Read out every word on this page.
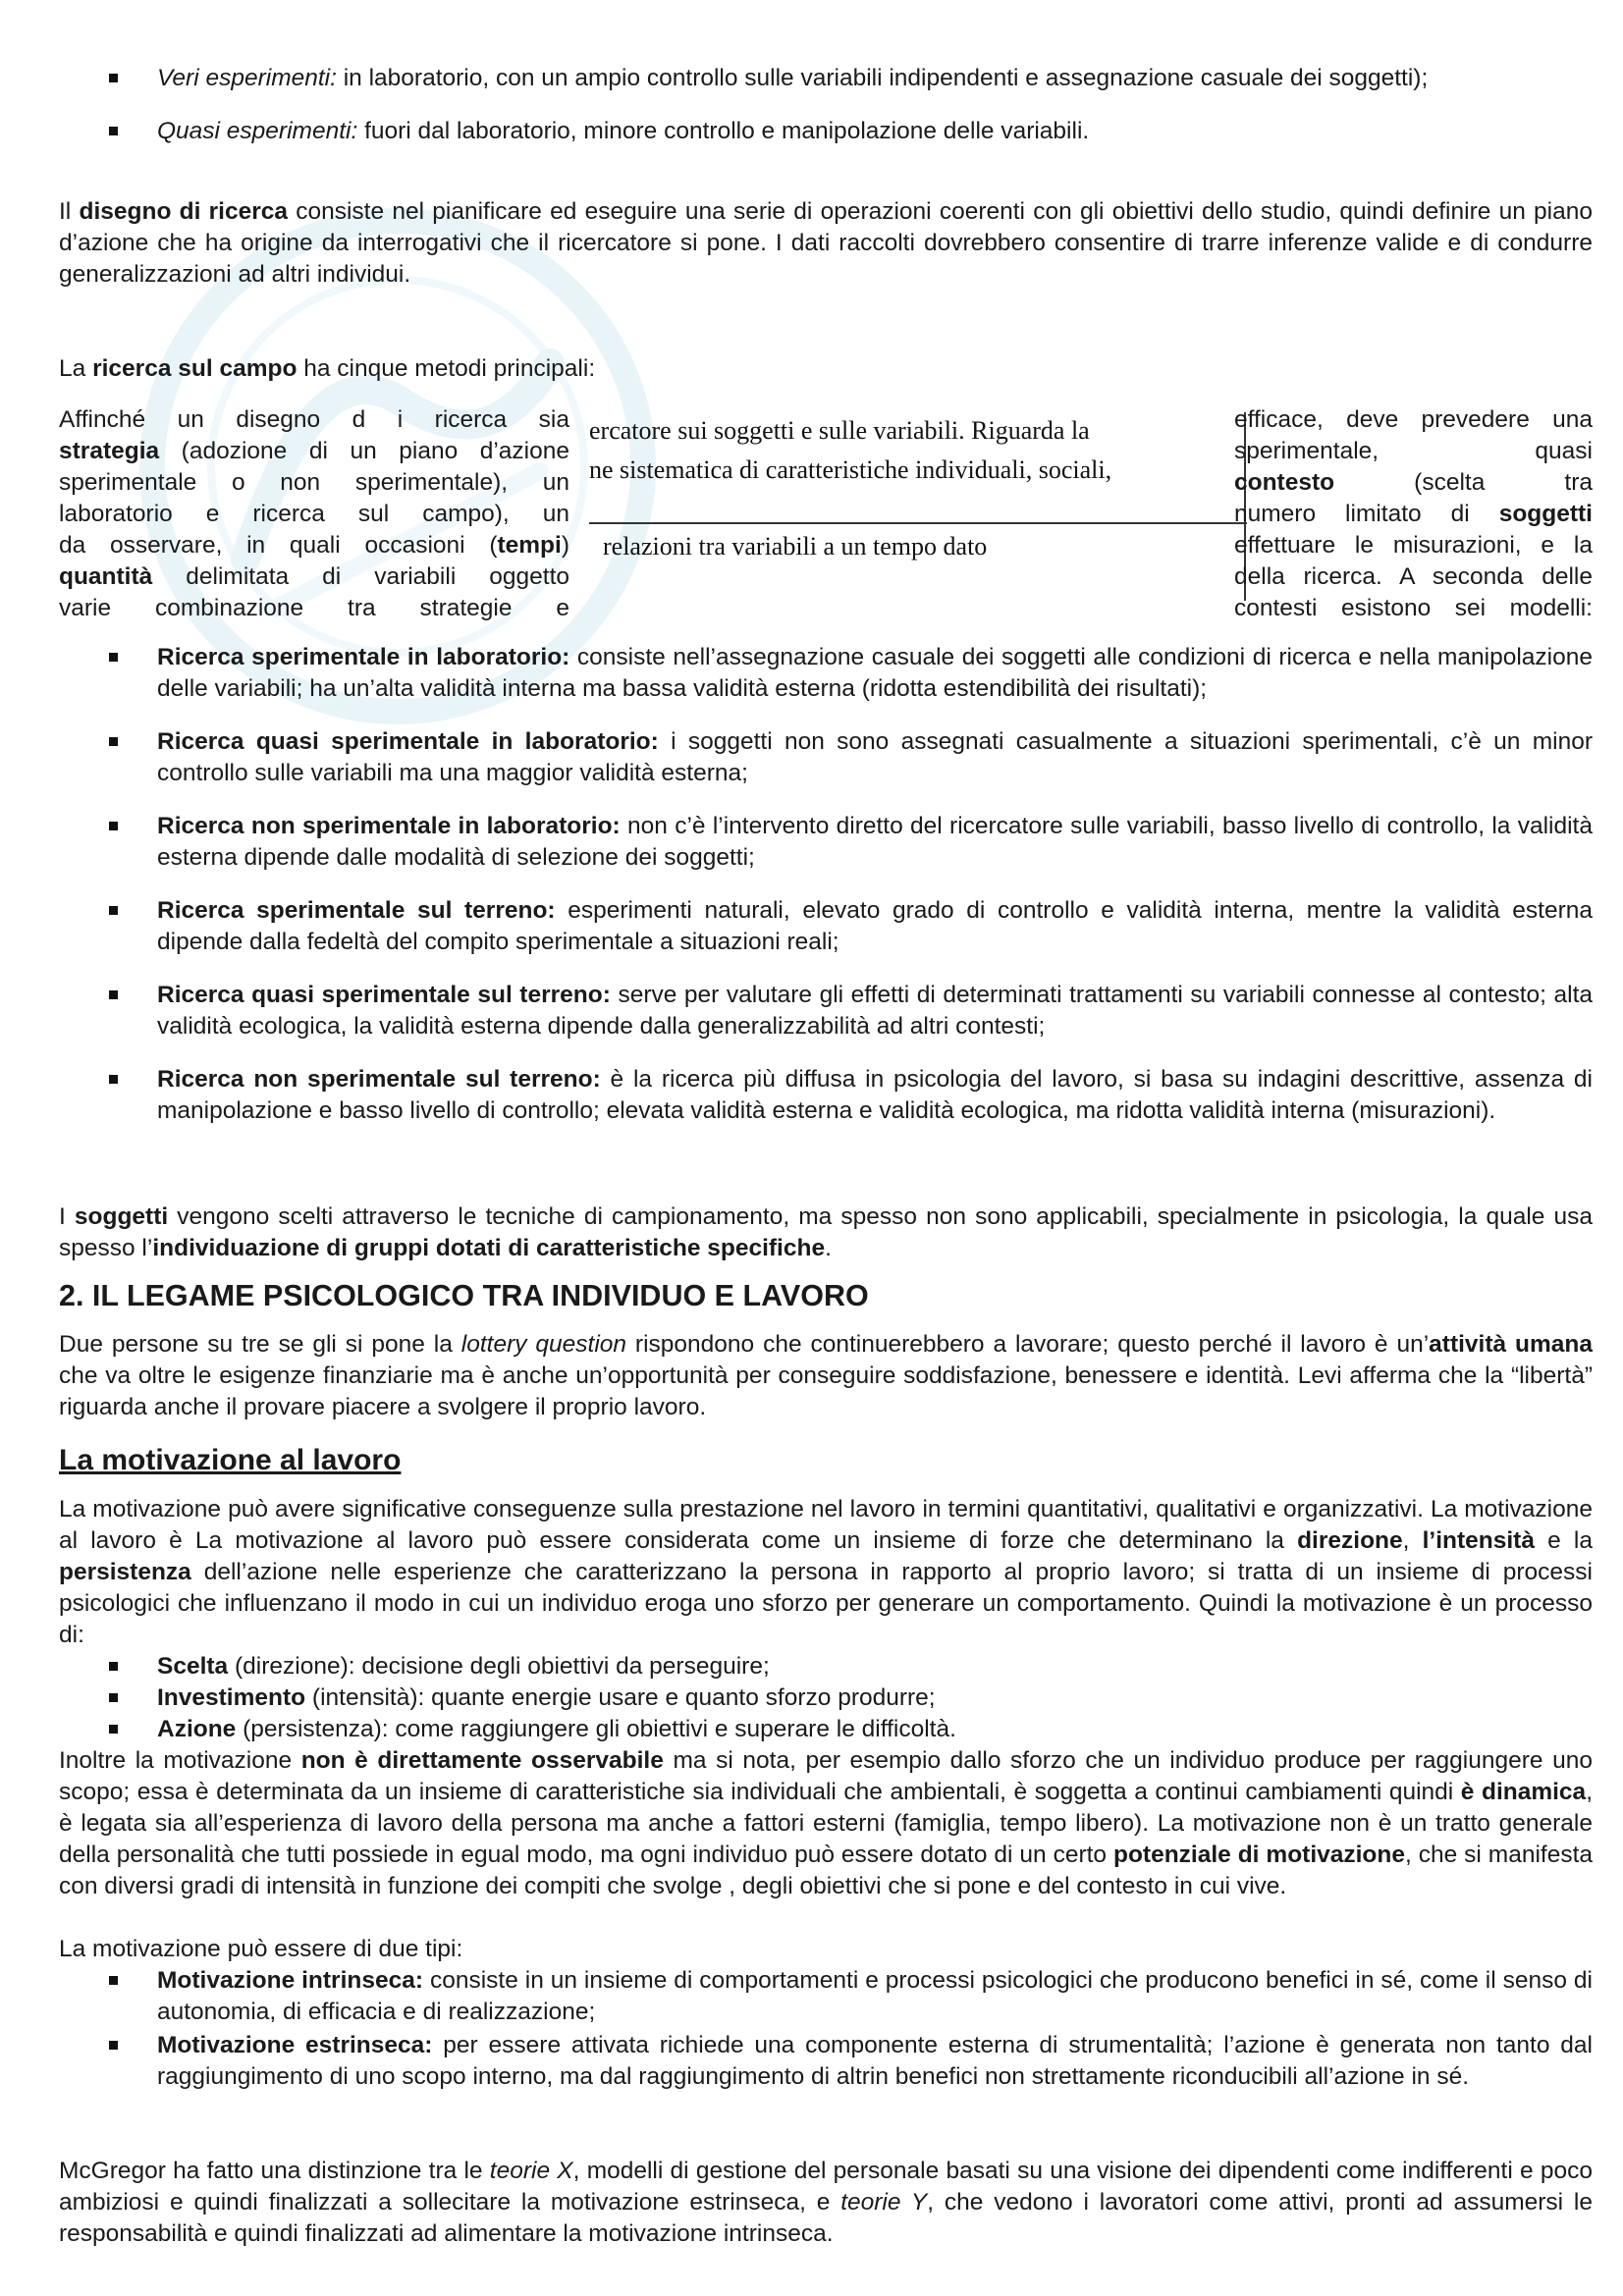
Veri esperimenti: in laboratorio, con un ampio controllo sulle variabili indipendenti e assegnazione casuale dei soggetti);
Quasi esperimenti: fuori dal laboratorio, minore controllo e manipolazione delle variabili.

Il disegno di ricerca consiste nel pianificare ed eseguire una serie di operazioni coerenti con gli obiettivi dello studio, quindi definire un piano d’azione che ha origine da interrogativi che il ricercatore si pone. I dati raccolti dovrebbero consentire di trarre inferenze valide e di condurre generalizzazioni ad altri individui.

La ricerca sul campo ha cinque metodi principali:

Affinché un disegno d i ricerca sia
strategia (adozione di un piano d’azione
sperimentale o non sperimentale), un
laboratorio e ricerca sul campo), un
da osservare, in quali occasioni (tempi)
quantità delimitata di variabili oggetto
varie combinazione tra strategie e
ercatore sui soggetti e sulle variabili. Riguarda la
ne sistematica di caratteristiche individuali, sociali,
relazioni tra variabili a un tempo dato
efficace, deve prevedere una
sperimentale, quasi
contesto (scelta tra
numero limitato di soggetti
effettuare le misurazioni, e la
della ricerca. A seconda delle
contesti esistono sei modelli:
Ricerca sperimentale in laboratorio: consiste nell’assegnazione casuale dei soggetti alle condizioni di ricerca e nella manipolazione delle variabili; ha un’alta validità interna ma bassa validità esterna (ridotta estendibilità dei risultati);
Ricerca quasi sperimentale in laboratorio: i soggetti non sono assegnati casualmente a situazioni sperimentali, c’è un minor controllo sulle variabili ma una maggior validità esterna;
Ricerca non sperimentale in laboratorio: non c’è l’intervento diretto del ricercatore sulle variabili, basso livello di controllo, la validità esterna dipende dalle modalità di selezione dei soggetti;
Ricerca sperimentale sul terreno: esperimenti naturali, elevato grado di controllo e validità interna, mentre la validità esterna dipende dalla fedeltà del compito sperimentale a situazioni reali;
Ricerca quasi sperimentale sul terreno: serve per valutare gli effetti di determinati trattamenti su variabili connesse al contesto; alta validità ecologica, la validità esterna dipende dalla generalizzabilità ad altri contesti;
Ricerca non sperimentale sul terreno: è la ricerca più diffusa in psicologia del lavoro, si basa su indagini descrittive, assenza di manipolazione e basso livello di controllo; elevata validità esterna e validità ecologica, ma ridotta validità interna (misurazioni).

I soggetti vengono scelti attraverso le tecniche di campionamento, ma spesso non sono applicabili, specialmente in psicologia, la quale usa spesso l’individuazione di gruppi dotati di caratteristiche specifiche.

2. IL LEGAME PSICOLOGICO TRA INDIVIDUO E LAVORO

Due persone su tre se gli si pone la lottery question rispondono che continuerebbero a lavorare; questo perché il lavoro è un’attività umana che va oltre le esigenze finanziarie ma è anche un’opportunità per conseguire soddisfazione, benessere e identità. Levi afferma che la “libertà” riguarda anche il provare piacere a svolgere il proprio lavoro.

La motivazione al lavoro

La motivazione può avere significative conseguenze sulla prestazione nel lavoro in termini quantitativi, qualitativi e organizzativi. La motivazione al lavoro è La motivazione al lavoro può essere considerata come un insieme di forze che determinano la direzione, l’intensità e la persistenza dell’azione nelle esperienze che caratterizzano la persona in rapporto al proprio lavoro; si tratta di un insieme di processi psicologici che influenzano il modo in cui un individuo eroga uno sforzo per generare un comportamento. Quindi la motivazione è un processo di:

Scelta (direzione): decisione degli obiettivi da perseguire;
Investimento (intensità): quante energie usare e quanto sforzo produrre;
Azione (persistenza): come raggiungere gli obiettivi e superare le difficoltà.

Inoltre la motivazione non è direttamente osservabile ma si nota, per esempio dallo sforzo che un individuo produce per raggiungere uno scopo; essa è determinata da un insieme di caratteristiche sia individuali che ambientali, è soggetta a continui cambiamenti quindi è dinamica, è legata sia all’esperienza di lavoro della persona ma anche a fattori esterni (famiglia, tempo libero). La motivazione non è un tratto generale della personalità che tutti possiede in egual modo, ma ogni individuo può essere dotato di un certo potenziale di motivazione, che si manifesta con diversi gradi di intensità in funzione dei compiti che svolge , degli obiettivi che si pone e del contesto in cui vive.

La motivazione può essere di due tipi:

Motivazione intrinseca: consiste in un insieme di comportamenti e processi psicologici che producono benefici in sé, come il senso di autonomia, di efficacia e di realizzazione;
Motivazione estrinseca: per essere attivata richiede una componente esterna di strumentalità; l’azione è generata non tanto dal raggiungimento di uno scopo interno, ma dal raggiungimento di altrin benefici non strettamente riconducibili all’azione in sé.

McGregor ha fatto una distinzione tra le teorie X, modelli di gestione del personale basati su una visione dei dipendenti come indifferenti e poco ambiziosi e quindi finalizzati a sollecitare la motivazione estrinseca, e teorie Y, che vedono i lavoratori come attivi, pronti ad assumersi le responsabilità e quindi finalizzati ad alimentare la motivazione intrinseca.
